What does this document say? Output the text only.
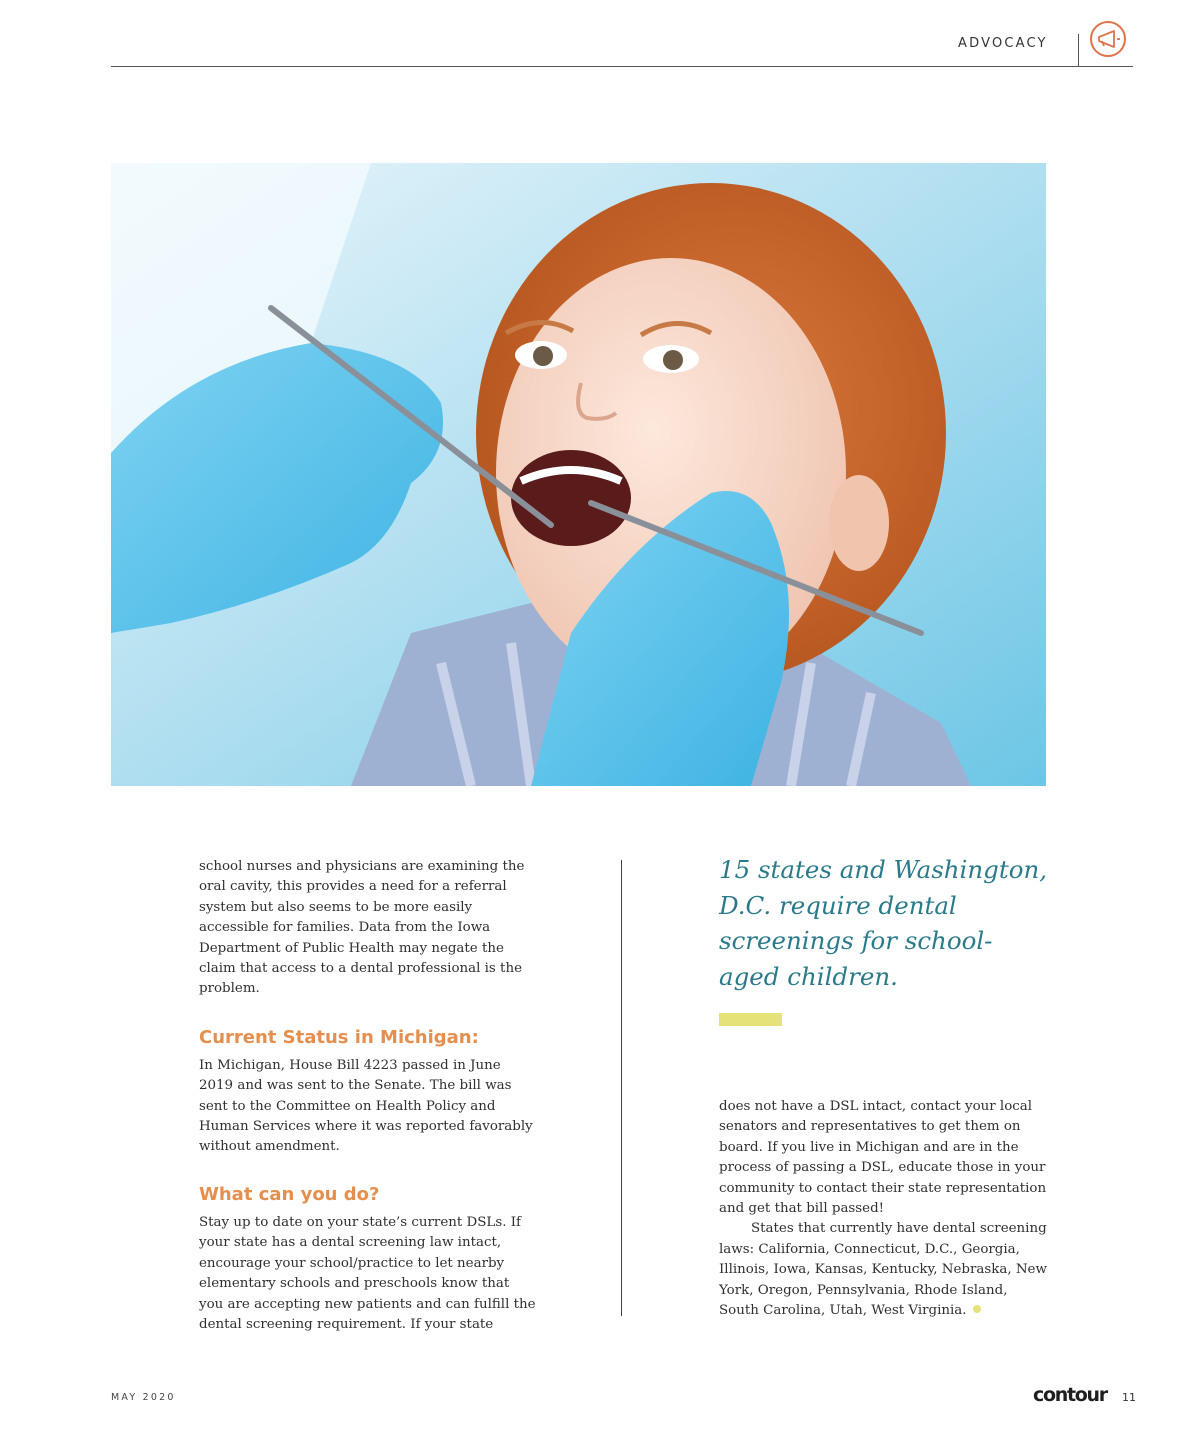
ADVOCACY

school nurses and physicians are examining the oral cavity, this provides a need for a referral system but also seems to be more easily accessible for families. Data from the Iowa Department of Public Health may negate the claim that access to a dental professional is the problem.

Current Status in Michigan:

In Michigan, House Bill 4223 passed in June 2019 and was sent to the Senate. The bill was sent to the Committee on Health Policy and Human Services where it was reported favorably without amendment.

What can you do?

Stay up to date on your state’s current DSLs. If your state has a dental screening law intact, encourage your school/practice to let nearby elementary schools and preschools know that you are accepting new patients and can fulfill the dental screening requirement. If your state

15 states and Washington, D.C. require dental screenings for school-aged children.

does not have a DSL intact, contact your local senators and representatives to get them on board. If you live in Michigan and are in the process of passing a DSL, educate those in your community to contact their state representation and get that bill passed!

States that currently have dental screening laws: California, Connecticut, D.C., Georgia, Illinois, Iowa, Kansas, Kentucky, Nebraska, New York, Oregon, Pennsylvania, Rhode Island, South Carolina, Utah, West Virginia.

MAY 2020	contour 11
